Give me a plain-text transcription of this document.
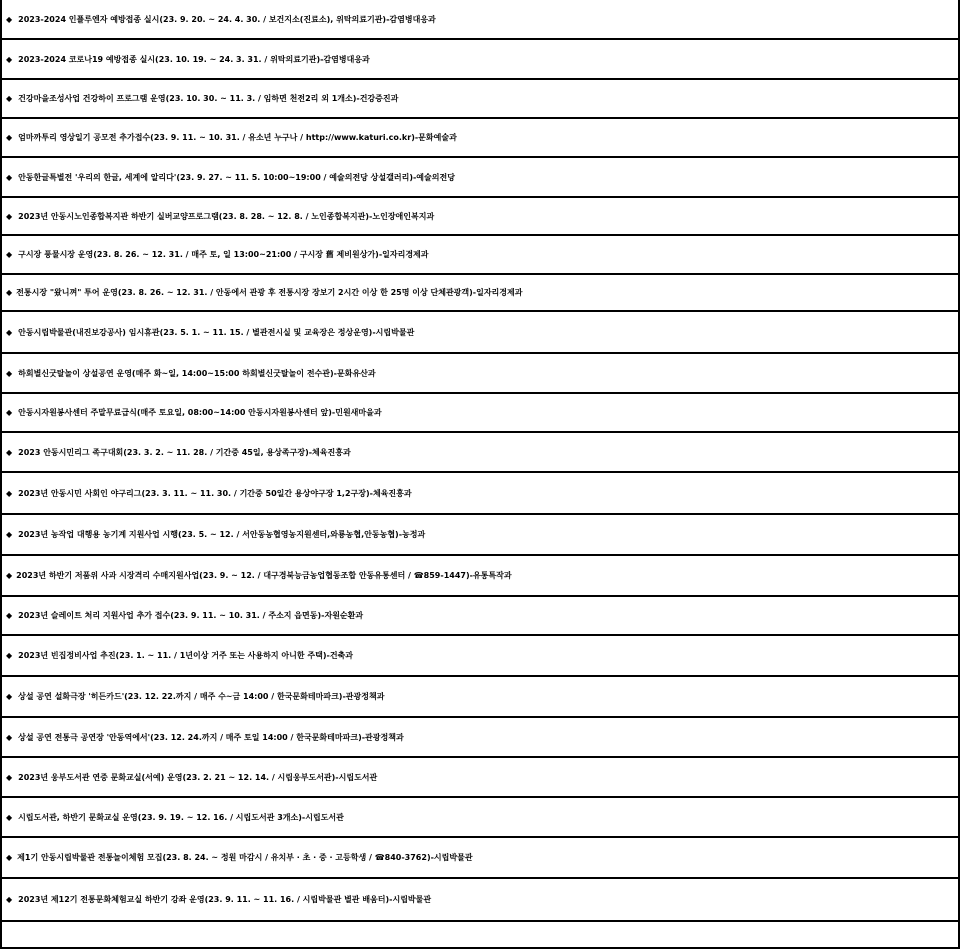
◆ 2023-2024 인플루엔자 예방접종 실시(23. 9. 20. ~ 24. 4. 30. / 보건지소(진료소), 위탁의료기관)-감염병대응과
◆ 2023-2024 코로나19 예방접종 실시(23. 10. 19. ~ 24. 3. 31. / 위탁의료기관)-감염병대응과
◆ 건강마을조성사업 건강하이 프로그램 운영(23. 10. 30. ~ 11. 3. / 임하면 천전2리 외 1개소)-건강증진과
◆ 엄마까투리 영상일기 공모전 추가접수(23. 9. 11. ~ 10. 31. / 유소년 누구나 / http://www.katuri.co.kr)-문화예술과
◆ 안동한글특별전 '우리의 한글, 세계에 알리다'(23. 9. 27. ~ 11. 5. 10:00~19:00 / 예술의전당 상설갤러리)-예술의전당
◆ 2023년 안동시노인종합복지관 하반기 실버교양프로그램(23. 8. 28. ~ 12. 8. / 노인종합복지관)-노인장애인복지과
◆ 구시장 풍물시장 운영(23. 8. 26. ~ 12. 31. / 매주 토, 일 13:00~21:00 / 구시장 舊 제비원상가)-일자리경제과
◆ 전통시장 "왔니껴" 투어 운영(23. 8. 26. ~ 12. 31. / 안동에서 관광 후 전통시장 장보기 2시간 이상 한 25명 이상 단체관광객)-일자리경제과
◆ 안동시립박물관(내진보강공사) 임시휴관(23. 5. 1. ~ 11. 15. / 별관전시실 및 교육장은 정상운영)-시립박물관
◆ 하회별신굿탈놀이 상설공연 운영(매주 화~일, 14:00~15:00 하회별신굿탈놀이 전수관)-문화유산과
◆ 안동시자원봉사센터 주말무료급식(매주 토요일, 08:00~14:00 안동시자원봉사센터 앞)-민원새마을과
◆ 2023 안동시민리그 족구대회(23. 3. 2. ~ 11. 28. / 기간중 45일, 용상족구장)-체육진흥과
◆ 2023년 안동시민 사회인 야구리그(23. 3. 11. ~ 11. 30. / 기간중 50일간 용상야구장 1,2구장)-체육진흥과
◆ 2023년 농작업 대행용 농기계 지원사업 시행(23. 5. ~ 12. / 서안동농협영농지원센터,와룡농협,안동농협)-농정과
◆ 2023년 하반기 저품위 사과 시장격리 수매지원사업(23. 9. ~ 12. / 대구경북능금농업협동조합 안동유통센터 / ☎859-1447)-유통특작과
◆ 2023년 슬레이트 처리 지원사업 추가 접수(23. 9. 11. ~ 10. 31. / 주소지 읍면동)-자원순환과
◆ 2023년 빈집정비사업 추진(23. 1. ~ 11. / 1년이상 거주 또는 사용하지 아니한 주택)-건축과
◆ 상설 공연 설화극장 '히든카드'(23. 12. 22.까지 / 매주 수~금 14:00 / 한국문화테마파크)-관광정책과
◆ 상설 공연 전통극 공연장 '안동역에서'(23. 12. 24.까지 / 매주 토일 14:00 / 한국문화테마파크)-관광정책과
◆ 2023년 웅부도서관 연중 문화교실(서예) 운영(23. 2. 21 ~ 12. 14. / 시립웅부도서관)-시립도서관
◆ 시립도서관, 하반기 문화교실 운영(23. 9. 19. ~ 12. 16. / 시립도서관 3개소)-시립도서관
◆ 제1기 안동시립박물관 전통놀이체험 모집(23. 8. 24. ~ 정원 마감시 / 유치부 · 초 · 중 · 고등학생 / ☎840-3762)-시립박물관
◆ 2023년 제12기 전통문화체험교실 하반기 강좌 운영(23. 9. 11. ~ 11. 16. / 시립박물관 별관 배움터)-시립박물관
